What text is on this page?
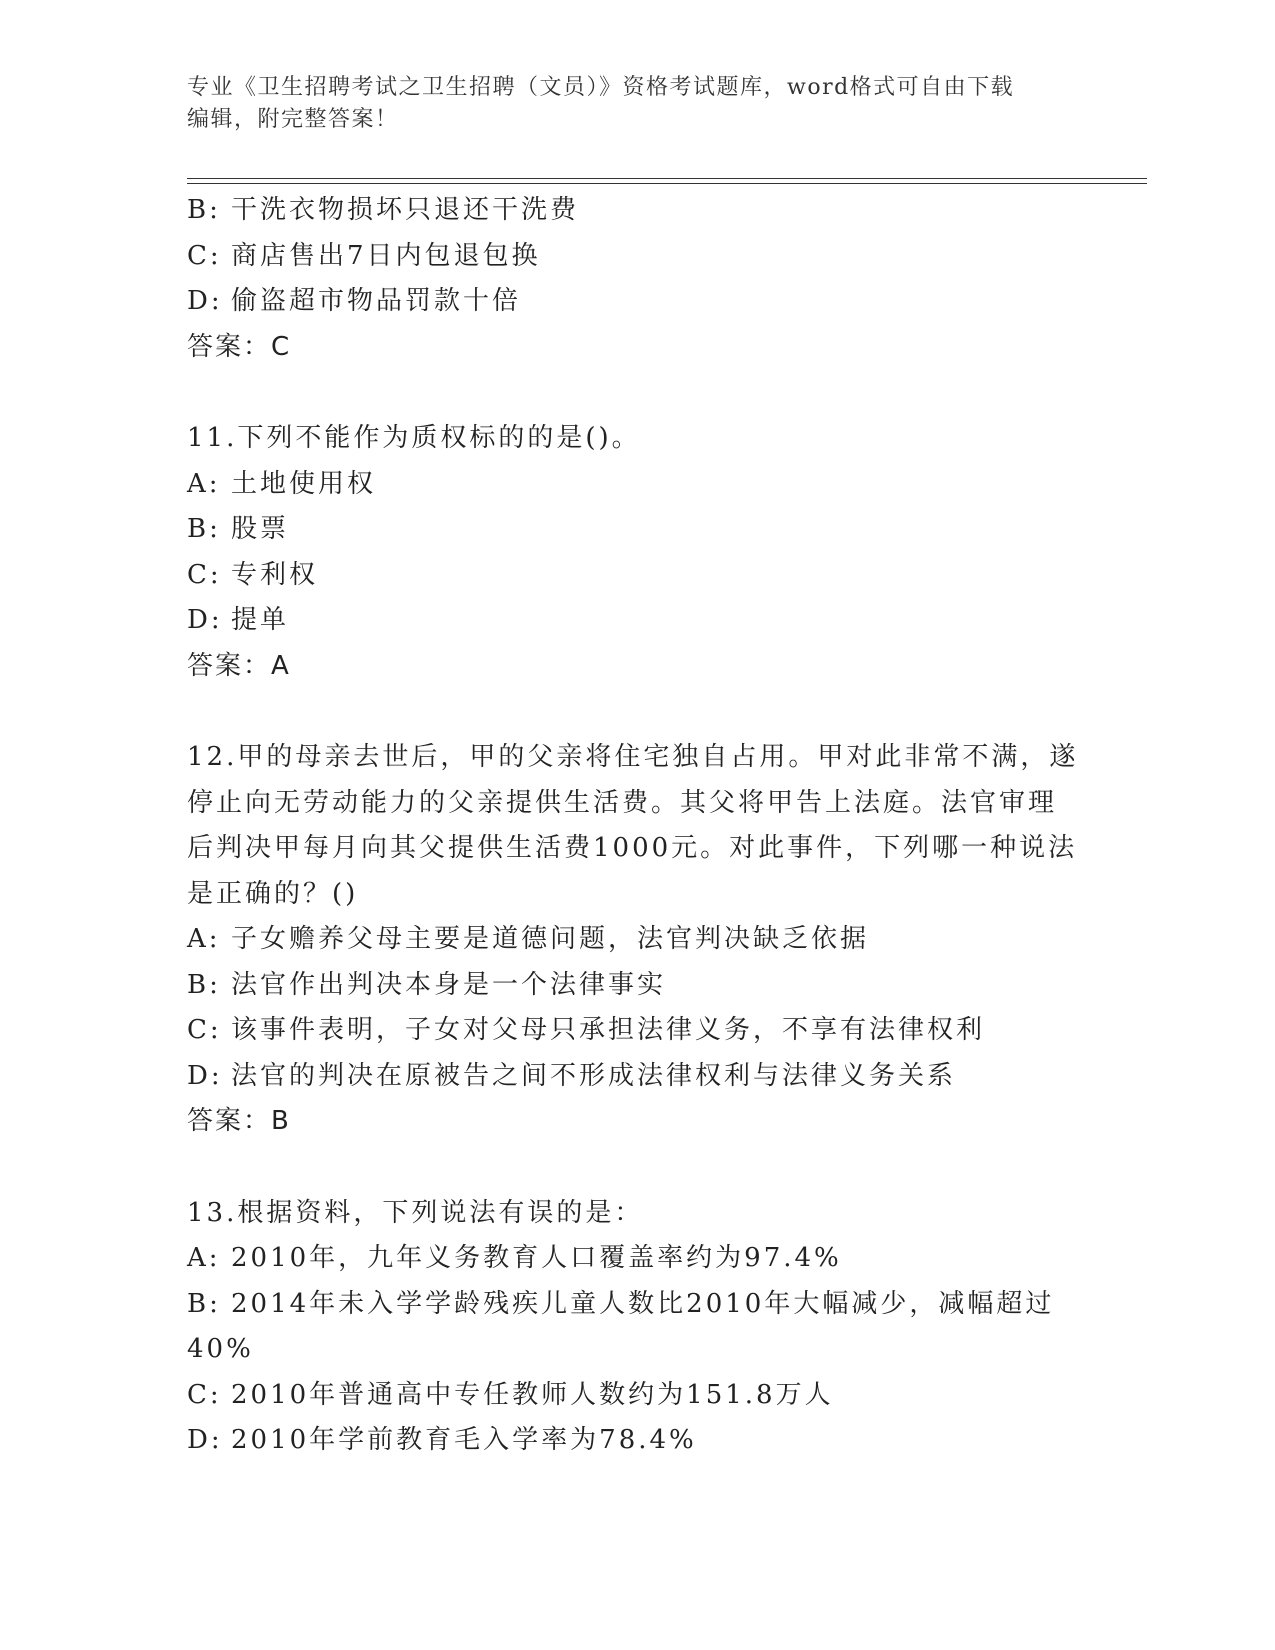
专业《卫生招聘考试之卫生招聘（文员）》资格考试题库，word格式可自由下载
编辑，附完整答案！
B: 干洗衣物损坏只退还干洗费
C: 商店售出7日内包退包换
D: 偷盗超市物品罚款十倍
答案：C
11.下列不能作为质权标的的是()。
A: 土地使用权
B: 股票
C: 专利权
D: 提单
答案：A
12.甲的母亲去世后，甲的父亲将住宅独自占用。甲对此非常不满，遂
停止向无劳动能力的父亲提供生活费。其父将甲告上法庭。法官审理
后判决甲每月向其父提供生活费1000元。对此事件，下列哪一种说法
是正确的？()
A: 子女赡养父母主要是道德问题，法官判决缺乏依据
B: 法官作出判决本身是一个法律事实
C: 该事件表明，子女对父母只承担法律义务，不享有法律权利
D: 法官的判决在原被告之间不形成法律权利与法律义务关系
答案：B
13.根据资料，下列说法有误的是：
A: 2010年，九年义务教育人口覆盖率约为97.4%
B: 2014年未入学学龄残疾儿童人数比2010年大幅减少，减幅超过
40%
C: 2010年普通高中专任教师人数约为151.8万人
D: 2010年学前教育毛入学率为78.4%
